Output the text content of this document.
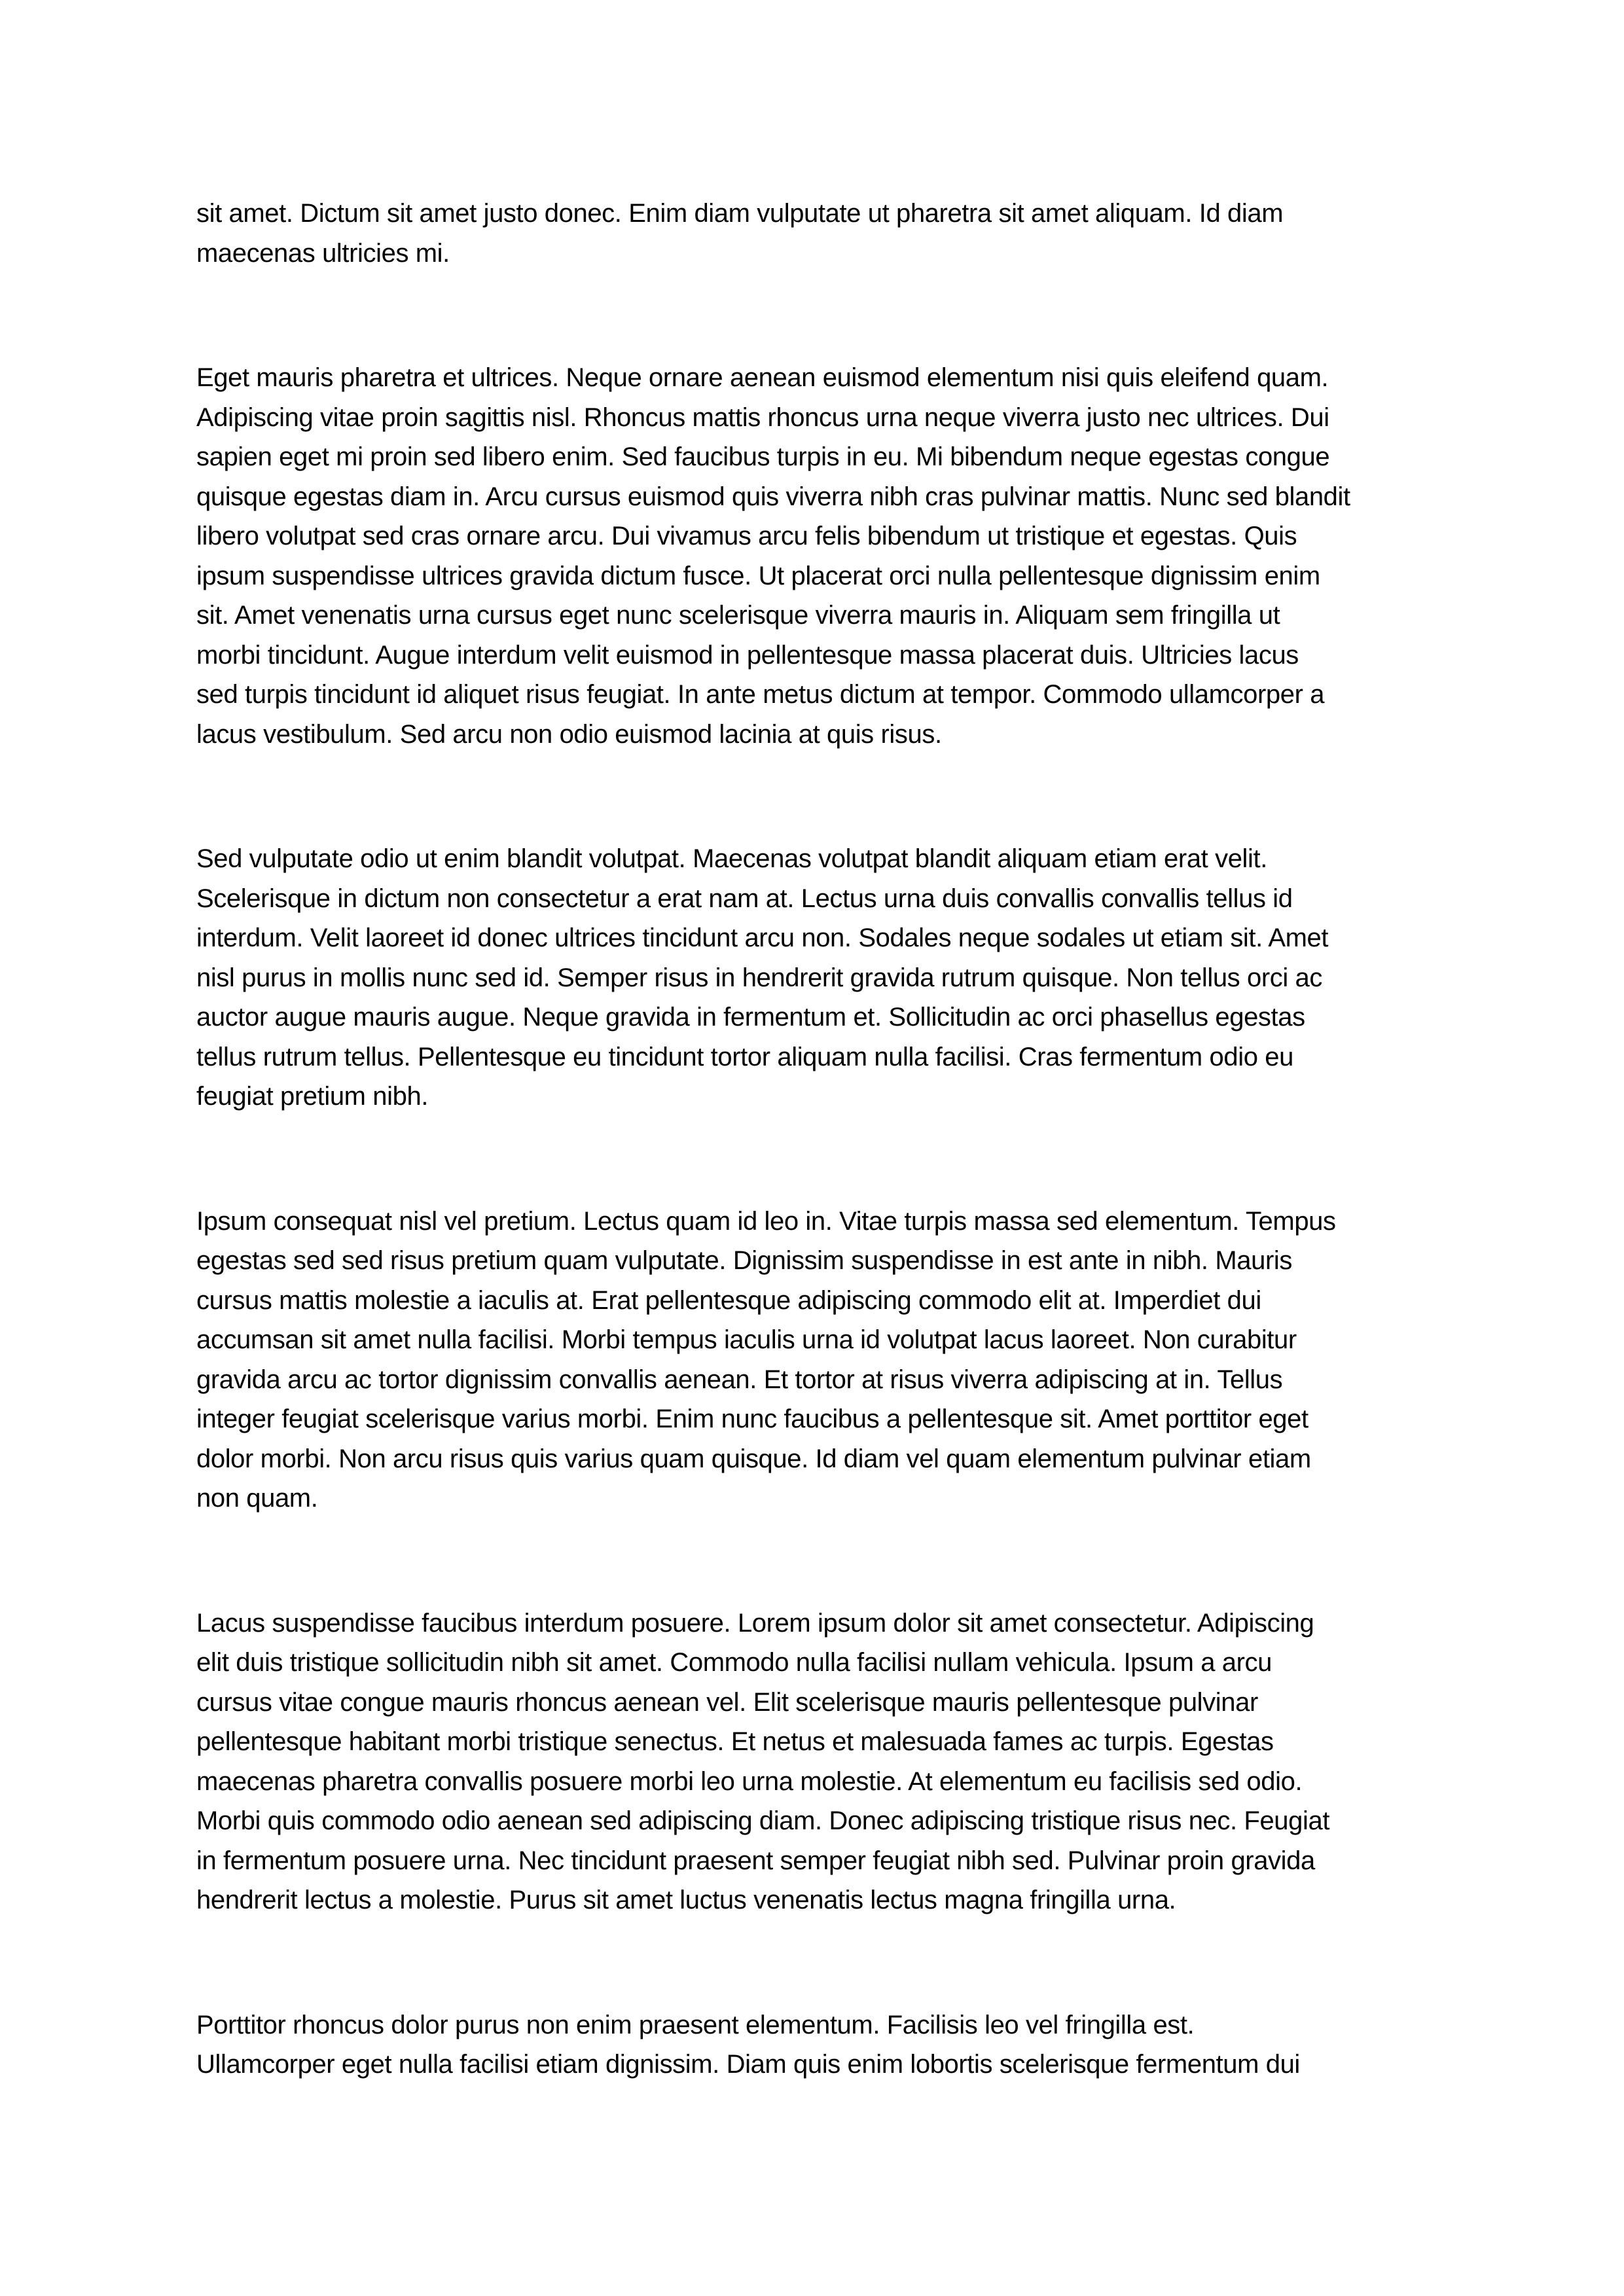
sit amet. Dictum sit amet justo donec. Enim diam vulputate ut pharetra sit amet aliquam. Id diam
maecenas ultricies mi.

Eget mauris pharetra et ultrices. Neque ornare aenean euismod elementum nisi quis eleifend quam.
Adipiscing vitae proin sagittis nisl. Rhoncus mattis rhoncus urna neque viverra justo nec ultrices. Dui
sapien eget mi proin sed libero enim. Sed faucibus turpis in eu. Mi bibendum neque egestas congue
quisque egestas diam in. Arcu cursus euismod quis viverra nibh cras pulvinar mattis. Nunc sed blandit
libero volutpat sed cras ornare arcu. Dui vivamus arcu felis bibendum ut tristique et egestas. Quis
ipsum suspendisse ultrices gravida dictum fusce. Ut placerat orci nulla pellentesque dignissim enim
sit. Amet venenatis urna cursus eget nunc scelerisque viverra mauris in. Aliquam sem fringilla ut
morbi tincidunt. Augue interdum velit euismod in pellentesque massa placerat duis. Ultricies lacus
sed turpis tincidunt id aliquet risus feugiat. In ante metus dictum at tempor. Commodo ullamcorper a
lacus vestibulum. Sed arcu non odio euismod lacinia at quis risus.

Sed vulputate odio ut enim blandit volutpat. Maecenas volutpat blandit aliquam etiam erat velit.
Scelerisque in dictum non consectetur a erat nam at. Lectus urna duis convallis convallis tellus id
interdum. Velit laoreet id donec ultrices tincidunt arcu non. Sodales neque sodales ut etiam sit. Amet
nisl purus in mollis nunc sed id. Semper risus in hendrerit gravida rutrum quisque. Non tellus orci ac
auctor augue mauris augue. Neque gravida in fermentum et. Sollicitudin ac orci phasellus egestas
tellus rutrum tellus. Pellentesque eu tincidunt tortor aliquam nulla facilisi. Cras fermentum odio eu
feugiat pretium nibh.

Ipsum consequat nisl vel pretium. Lectus quam id leo in. Vitae turpis massa sed elementum. Tempus
egestas sed sed risus pretium quam vulputate. Dignissim suspendisse in est ante in nibh. Mauris
cursus mattis molestie a iaculis at. Erat pellentesque adipiscing commodo elit at. Imperdiet dui
accumsan sit amet nulla facilisi. Morbi tempus iaculis urna id volutpat lacus laoreet. Non curabitur
gravida arcu ac tortor dignissim convallis aenean. Et tortor at risus viverra adipiscing at in. Tellus
integer feugiat scelerisque varius morbi. Enim nunc faucibus a pellentesque sit. Amet porttitor eget
dolor morbi. Non arcu risus quis varius quam quisque. Id diam vel quam elementum pulvinar etiam
non quam.

Lacus suspendisse faucibus interdum posuere. Lorem ipsum dolor sit amet consectetur. Adipiscing
elit duis tristique sollicitudin nibh sit amet. Commodo nulla facilisi nullam vehicula. Ipsum a arcu
cursus vitae congue mauris rhoncus aenean vel. Elit scelerisque mauris pellentesque pulvinar
pellentesque habitant morbi tristique senectus. Et netus et malesuada fames ac turpis. Egestas
maecenas pharetra convallis posuere morbi leo urna molestie. At elementum eu facilisis sed odio.
Morbi quis commodo odio aenean sed adipiscing diam. Donec adipiscing tristique risus nec. Feugiat
in fermentum posuere urna. Nec tincidunt praesent semper feugiat nibh sed. Pulvinar proin gravida
hendrerit lectus a molestie. Purus sit amet luctus venenatis lectus magna fringilla urna.

Porttitor rhoncus dolor purus non enim praesent elementum. Facilisis leo vel fringilla est.
Ullamcorper eget nulla facilisi etiam dignissim. Diam quis enim lobortis scelerisque fermentum dui
